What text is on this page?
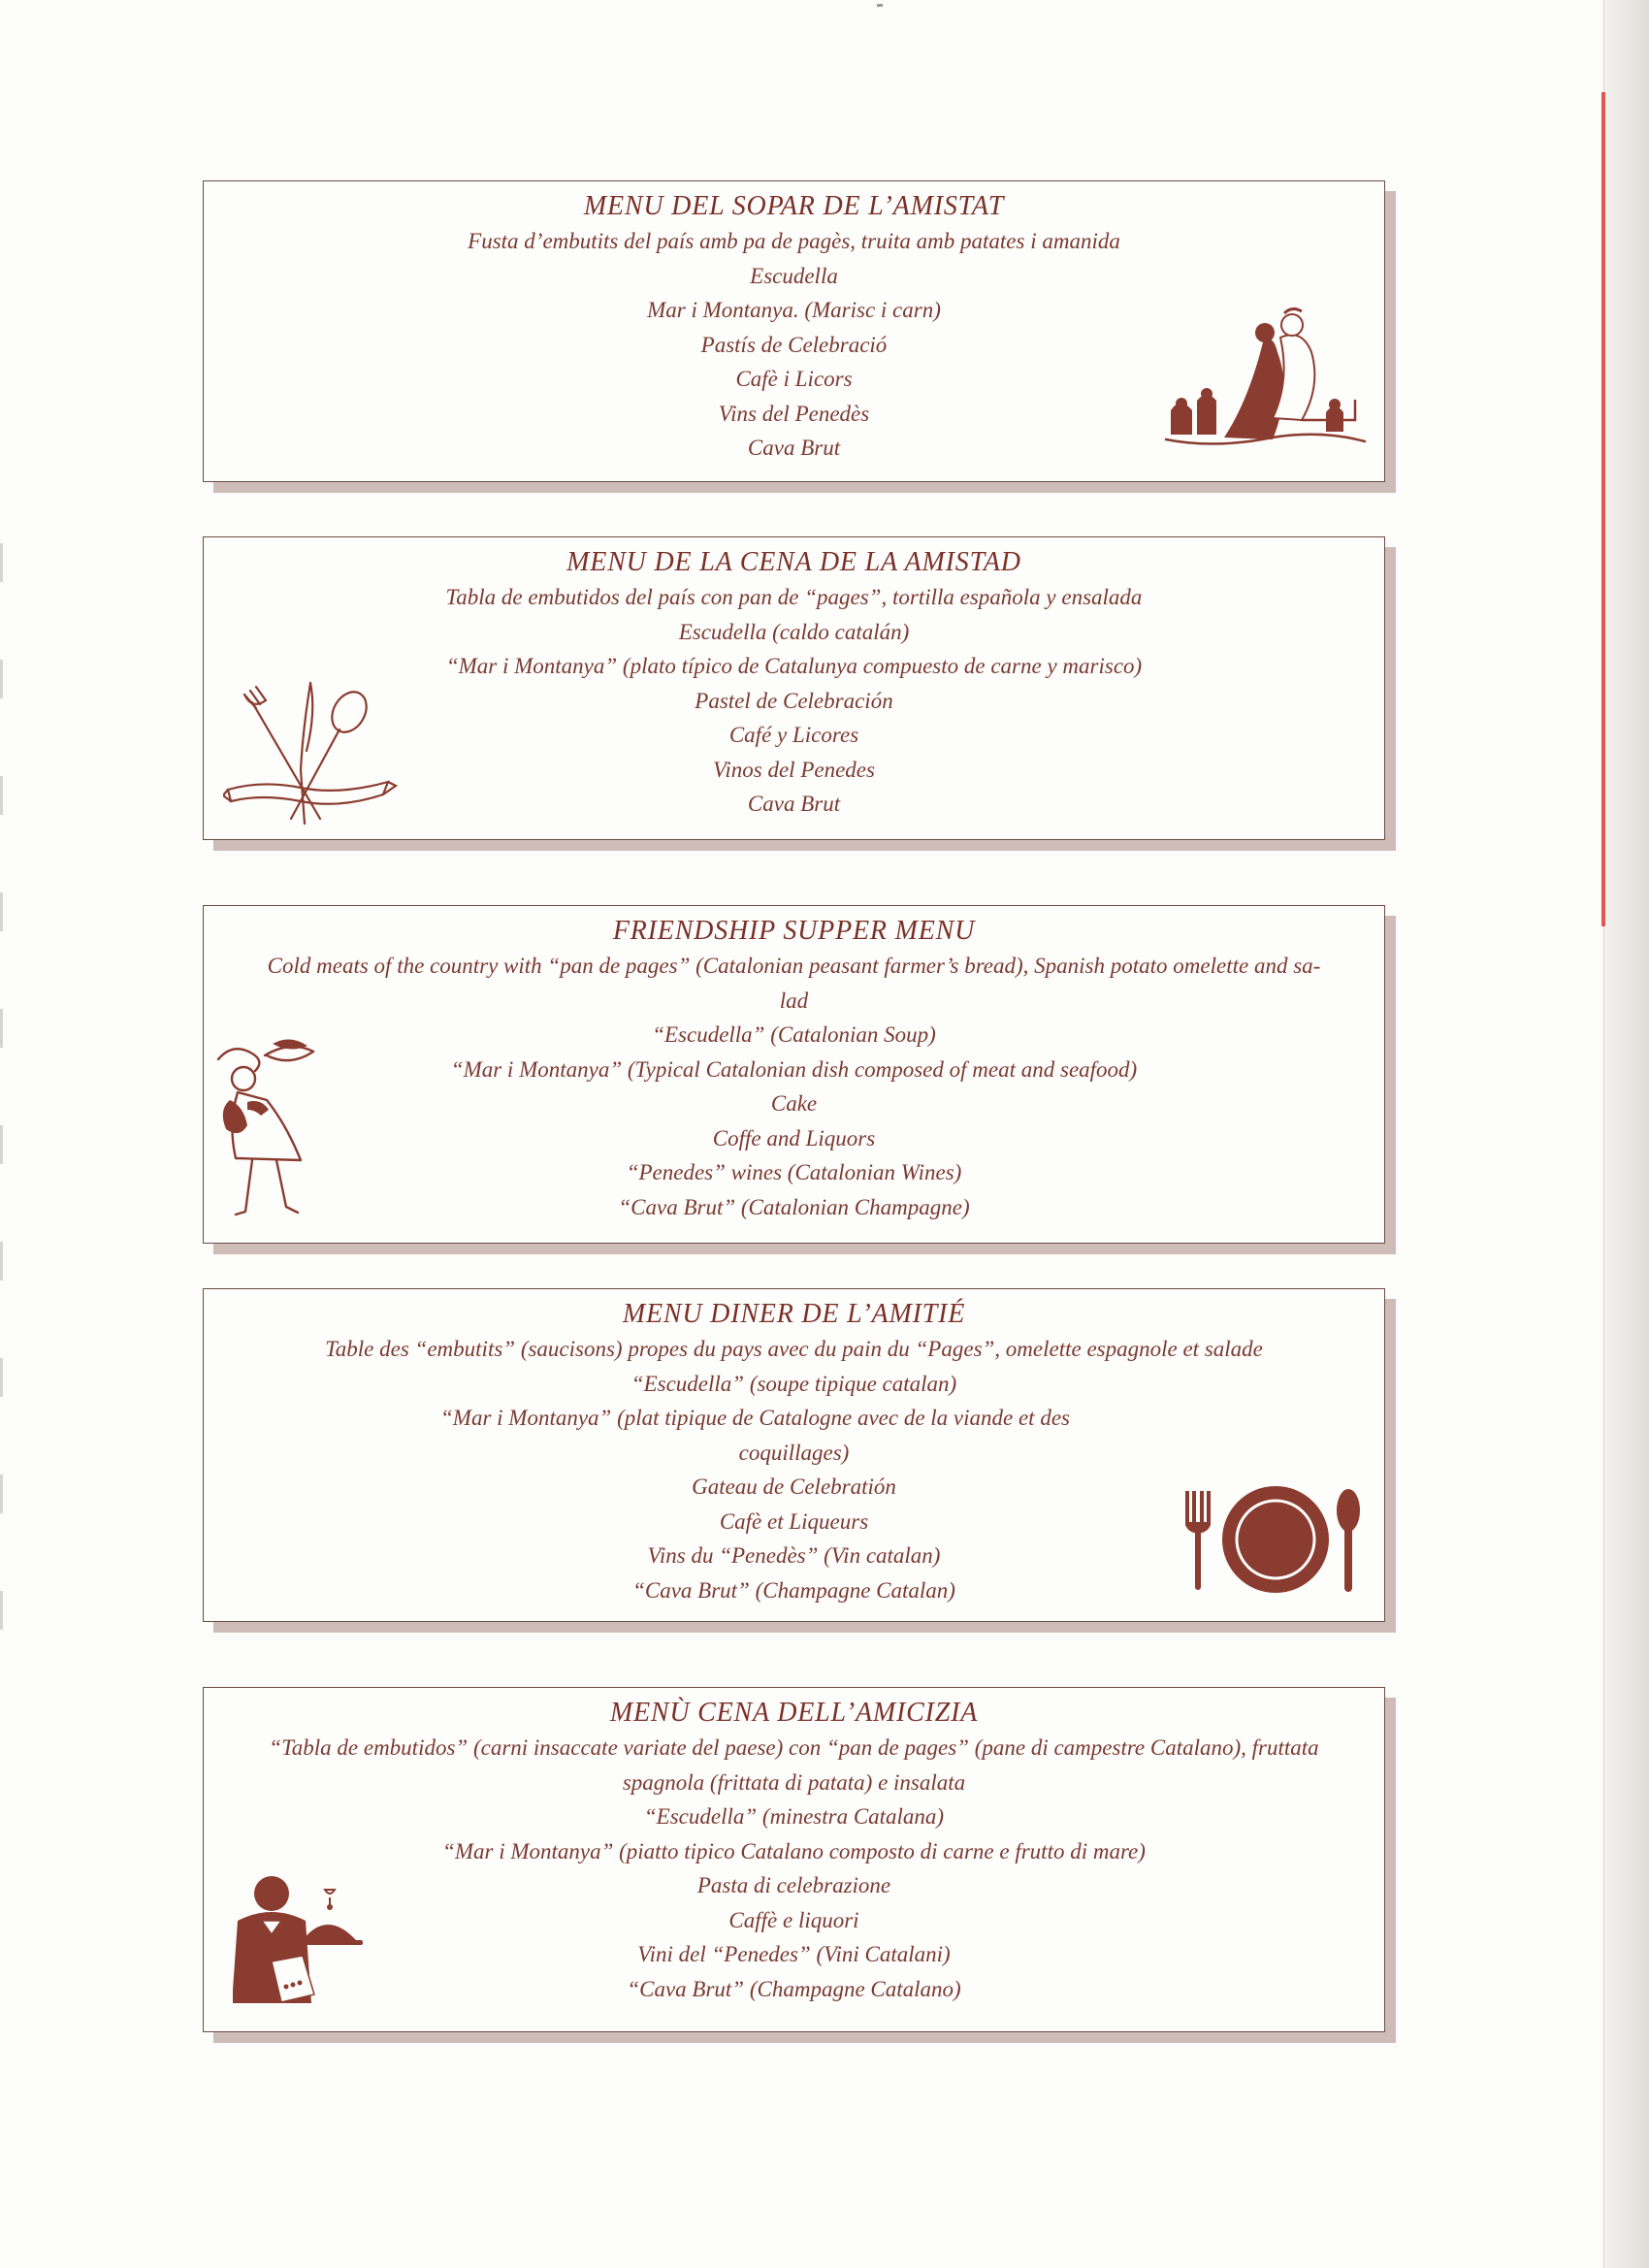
MENU DEL SOPAR DE L’AMISTAT
Fusta d’embutits del país amb pa de pagès, truita amb patates i amanida
Escudella
Mar i Montanya. (Marisc i carn)
Pastís de Celebració
Cafè i Licors
Vins del Penedès
Cava Brut
MENU DE LA CENA DE LA AMISTAD
Tabla de embutidos del país con pan de “pages”, tortilla española y ensalada
Escudella (caldo catalán)
“Mar i Montanya” (plato típico de Catalunya compuesto de carne y marisco)
Pastel de Celebración
Café y Licores
Vinos del Penedes
Cava Brut
FRIENDSHIP SUPPER MENU
Cold meats of the country with “pan de pages” (Catalonian peasant farmer’s bread), Spanish potato omelette and sa-
lad
“Escudella” (Catalonian Soup)
“Mar i Montanya” (Typical Catalonian dish composed of meat and seafood)
Cake
Coffe and Liquors
“Penedes” wines (Catalonian Wines)
“Cava Brut” (Catalonian Champagne)
MENU DINER DE L’AMITIÉ
Table des “embutits” (saucisons) propes du pays avec du pain du “Pages”, omelette espagnole et salade
“Escudella” (soupe tipique catalan)
“Mar i Montanya” (plat tipique de Catalogne avec de la viande et des
coquillages)
Gateau de Celebratión
Cafè et Liqueurs
Vins du “Penedès” (Vin catalan)
“Cava Brut” (Champagne Catalan)
MENÙ CENA DELL’AMICIZIA
“Tabla de embutidos” (carni insaccate variate del paese) con “pan de pages” (pane di campestre Catalano), fruttata
spagnola (frittata di patata) e insalata
“Escudella” (minestra Catalana)
“Mar i Montanya” (piatto tipico Catalano composto di carne e frutto di mare)
Pasta di celebrazione
Caffè e liquori
Vini del “Penedes” (Vini Catalani)
“Cava Brut” (Champagne Catalano)
